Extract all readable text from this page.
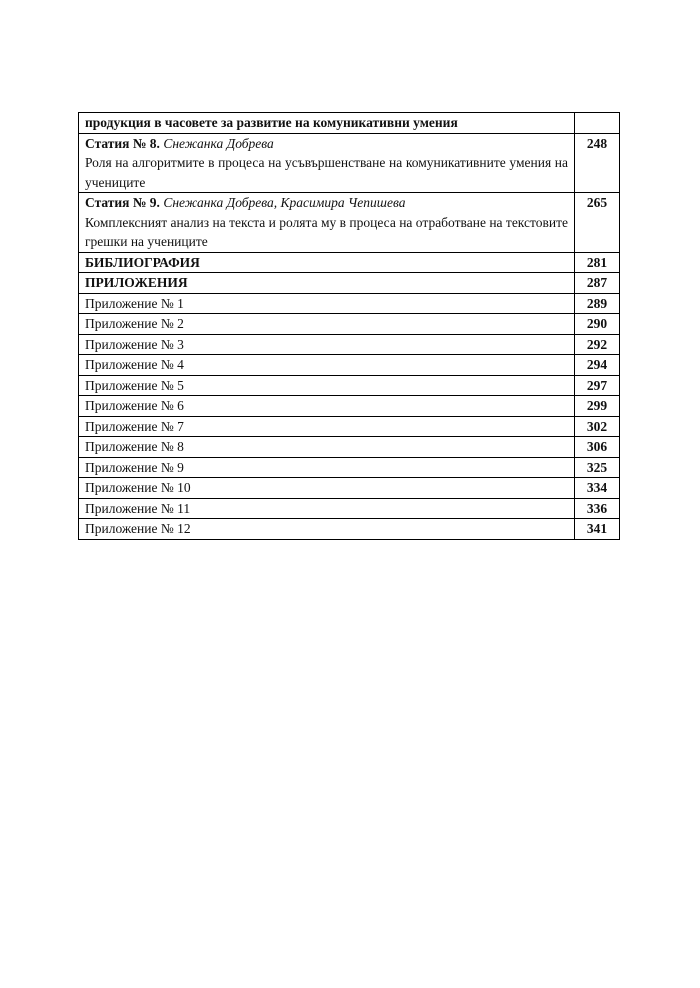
продукция в часовете за развитие на комуникативни умения	
Статия № 8. Снежанка Добрева
Роля на алгоритмите в процеса на усъвършенстване на комуникативните умения на учениците	248
Статия № 9. Снежанка Добрева, Красимира Чепишева
Комплексният анализ на текста и ролята му в процеса на отработване на текстовите грешки на учениците	265
БИБЛИОГРАФИЯ	281
ПРИЛОЖЕНИЯ	287
Приложение № 1	289
Приложение № 2	290
Приложение № 3	292
Приложение № 4	294
Приложение № 5	297
Приложение № 6	299
Приложение № 7	302
Приложение № 8	306
Приложение № 9	325
Приложение № 10	334
Приложение № 11	336
Приложение № 12	341
